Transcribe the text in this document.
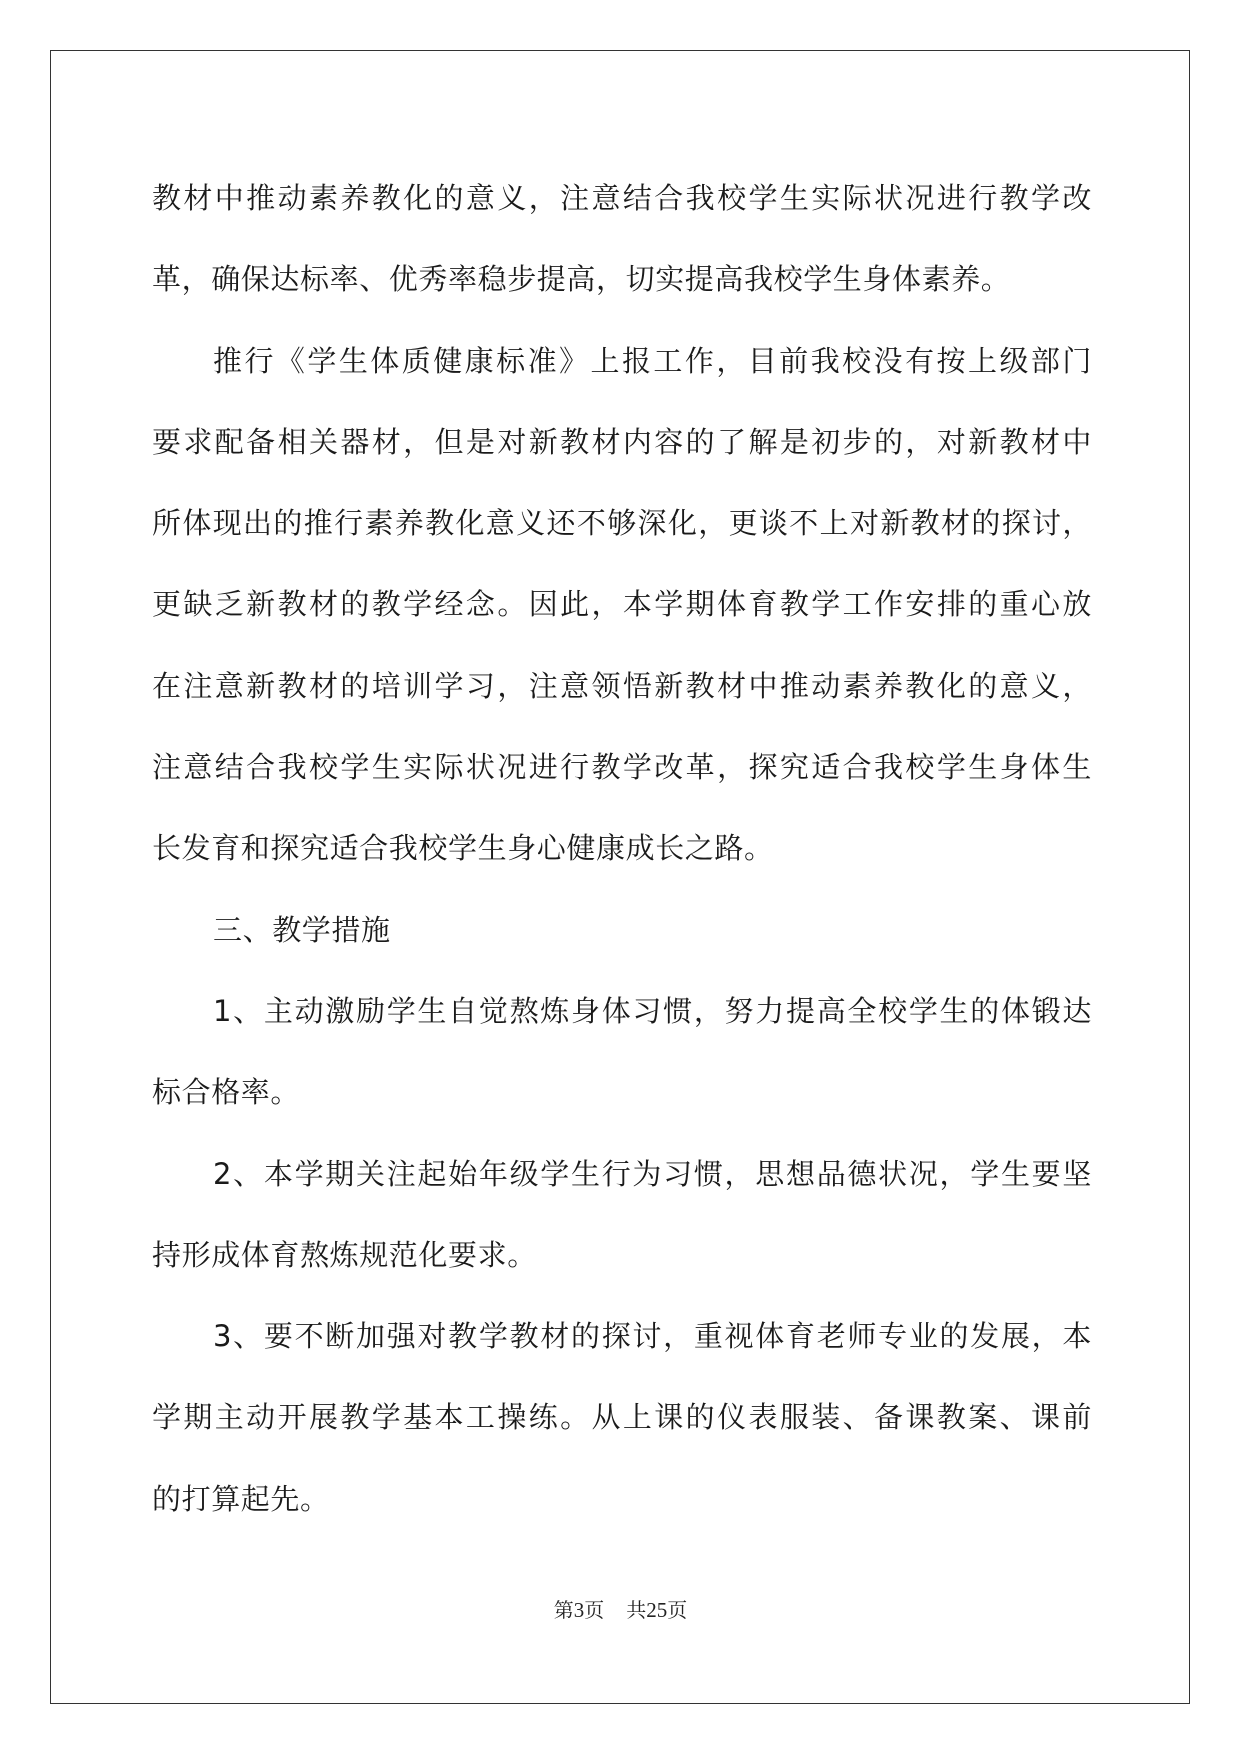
教材中推动素养教化的意义，注意结合我校学生实际状况进行教学改
革，确保达标率、优秀率稳步提高，切实提高我校学生身体素养。
推行《学生体质健康标准》上报工作，目前我校没有按上级部门
要求配备相关器材，但是对新教材内容的了解是初步的，对新教材中
所体现出的推行素养教化意义还不够深化，更谈不上对新教材的探讨，
更缺乏新教材的教学经念。因此，本学期体育教学工作安排的重心放
在注意新教材的培训学习，注意领悟新教材中推动素养教化的意义，
注意结合我校学生实际状况进行教学改革，探究适合我校学生身体生
长发育和探究适合我校学生身心健康成长之路。
三、教学措施
1、主动激励学生自觉熬炼身体习惯，努力提高全校学生的体锻达
标合格率。
2、本学期关注起始年级学生行为习惯，思想品德状况，学生要坚
持形成体育熬炼规范化要求。
3、要不断加强对教学教材的探讨，重视体育老师专业的发展，本
学期主动开展教学基本工操练。从上课的仪表服装、备课教案、课前
的打算起先。
第3页 共25页
